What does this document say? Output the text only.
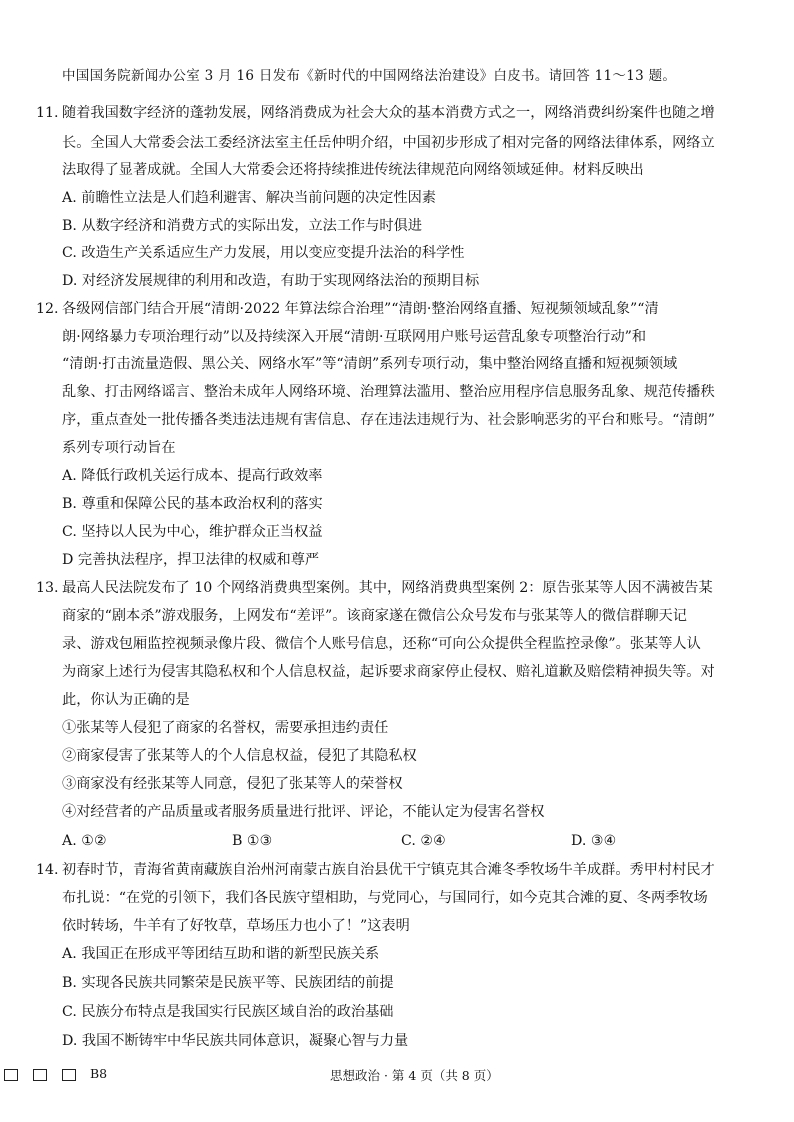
中国国务院新闻办公室 3 月 16 日发布《新时代的中国网络法治建设》白皮书。请回答 11～13 题。
11. 随着我国数字经济的蓬勃发展，网络消费成为社会大众的基本消费方式之一，网络消费纠纷案件也随之增
长。全国人大常委会法工委经济法室主任岳仲明介绍，中国初步形成了相对完备的网络法律体系，网络立
法取得了显著成就。全国人大常委会还将持续推进传统法律规范向网络领域延伸。材料反映出
A. 前瞻性立法是人们趋利避害、解决当前问题的决定性因素
B. 从数字经济和消费方式的实际出发，立法工作与时俱进
C. 改造生产关系适应生产力发展，用以变应变提升法治的科学性
D. 对经济发展规律的利用和改造，有助于实现网络法治的预期目标
12. 各级网信部门结合开展“清朗·2022 年算法综合治理”“清朗·整治网络直播、短视频领域乱象”“清
朗·网络暴力专项治理行动”以及持续深入开展“清朗·互联网用户账号运营乱象专项整治行动”和
“清朗·打击流量造假、黑公关、网络水军”等“清朗”系列专项行动，集中整治网络直播和短视频领域
乱象、打击网络谣言、整治未成年人网络环境、治理算法滥用、整治应用程序信息服务乱象、规范传播秩
序，重点查处一批传播各类违法违规有害信息、存在违法违规行为、社会影响恶劣的平台和账号。“清朗”
系列专项行动旨在
A. 降低行政机关运行成本、提高行政效率
B. 尊重和保障公民的基本政治权利的落实
C. 坚持以人民为中心，维护群众正当权益
D 完善执法程序，捍卫法律的权威和尊严
13. 最高人民法院发布了 10 个网络消费典型案例。其中，网络消费典型案例 2：原告张某等人因不满被告某
商家的“剧本杀”游戏服务，上网发布“差评”。该商家遂在微信公众号发布与张某等人的微信群聊天记
录、游戏包厢监控视频录像片段、微信个人账号信息，还称“可向公众提供全程监控录像”。张某等人认
为商家上述行为侵害其隐私权和个人信息权益，起诉要求商家停止侵权、赔礼道歉及赔偿精神损失等。对
此，你认为正确的是
①张某等人侵犯了商家的名誉权，需要承担违约责任
②商家侵害了张某等人的个人信息权益，侵犯了其隐私权
③商家没有经张某等人同意，侵犯了张某等人的荣誉权
④对经营者的产品质量或者服务质量进行批评、评论，不能认定为侵害名誉权
A. ①②	B ①③	C. ②④	D. ③④
14. 初春时节，青海省黄南藏族自治州河南蒙古族自治县优干宁镇克其合滩冬季牧场牛羊成群。秀甲村村民才
布扎说：“在党的引领下，我们各民族守望相助，与党同心，与国同行，如今克其合滩的夏、冬两季牧场
依时转场，牛羊有了好牧草，草场压力也小了！”这表明
A. 我国正在形成平等团结互助和谐的新型民族关系
B. 实现各民族共同繁荣是民族平等、民族团结的前提
C. 民族分布特点是我国实行民族区域自治的政治基础
D. 我国不断铸牢中华民族共同体意识，凝聚心智与力量
B8	思想政治 · 第 4 页（共 8 页）
